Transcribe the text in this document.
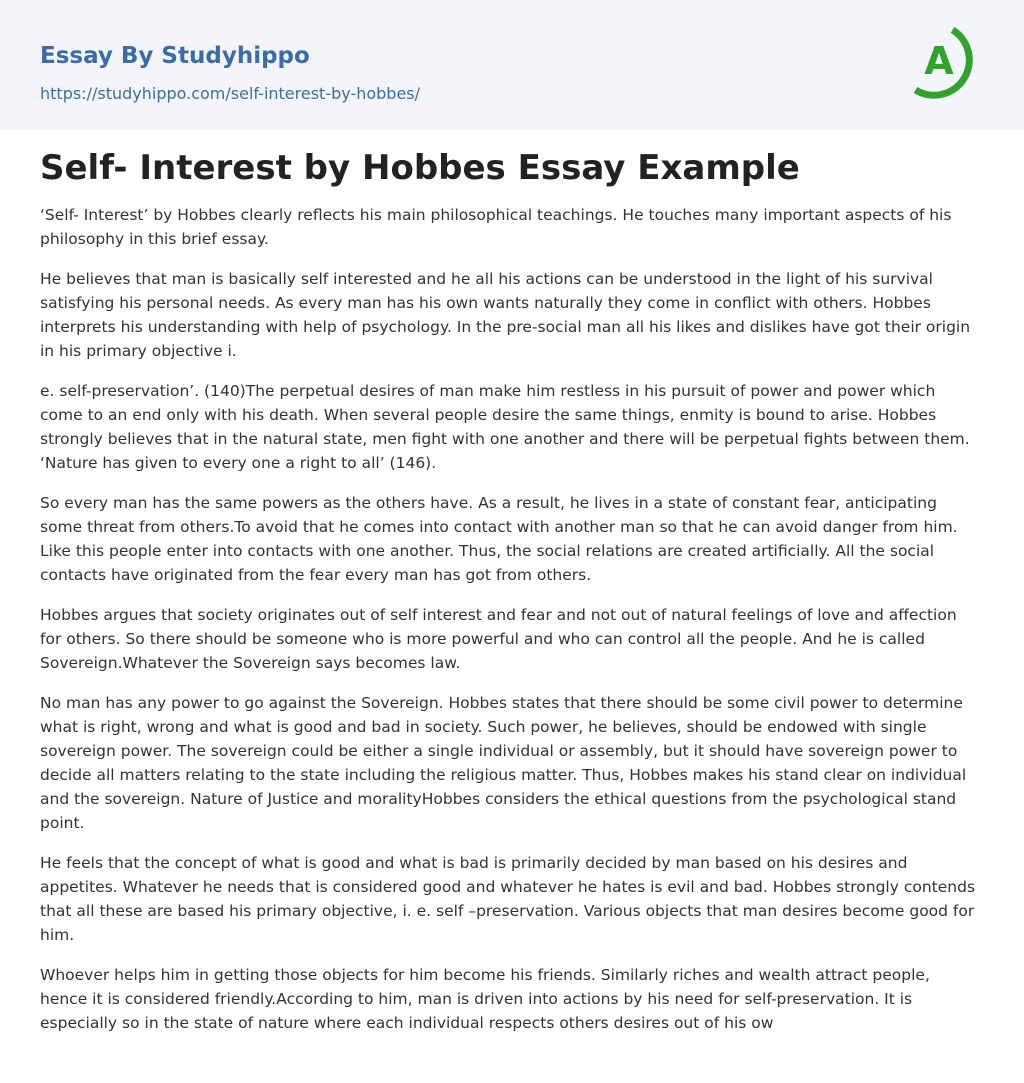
Essay By Studyhippo
https://studyhippo.com/self-interest-by-hobbes/
A
Self- Interest by Hobbes Essay Example

‘Self- Interest’ by Hobbes clearly reflects his main philosophical teachings. He touches many important aspects of his philosophy in this brief essay.

He believes that man is basically self interested and he all his actions can be understood in the light of his survival satisfying his personal needs. As every man has his own wants naturally they come in conflict with others. Hobbes interprets his understanding with help of psychology. In the pre-social man all his likes and dislikes have got their origin in his primary objective i.

e. self-preservation’. (140)The perpetual desires of man make him restless in his pursuit of power and power which come to an end only with his death. When several people desire the same things, enmity is bound to arise. Hobbes strongly believes that in the natural state, men fight with one another and there will be perpetual fights between them. ‘Nature has given to every one a right to all’ (146).

So every man has the same powers as the others have. As a result, he lives in a state of constant fear, anticipating some threat from others.To avoid that he comes into contact with another man so that he can avoid danger from him. Like this people enter into contacts with one another. Thus, the social relations are created artificially. All the social contacts have originated from the fear every man has got from others.

Hobbes argues that society originates out of self interest and fear and not out of natural feelings of love and affection for others. So there should be someone who is more powerful and who can control all the people. And he is called Sovereign.Whatever the Sovereign says becomes law.

No man has any power to go against the Sovereign. Hobbes states that there should be some civil power to determine what is right, wrong and what is good and bad in society. Such power, he believes, should be endowed with single sovereign power. The sovereign could be either a single individual or assembly, but it should have sovereign power to decide all matters relating to the state including the religious matter. Thus, Hobbes makes his stand clear on individual and the sovereign. Nature of Justice and moralityHobbes considers the ethical questions from the psychological stand point.

He feels that the concept of what is good and what is bad is primarily decided by man based on his desires and appetites. Whatever he needs that is considered good and whatever he hates is evil and bad. Hobbes strongly contends that all these are based his primary objective, i. e. self –preservation. Various objects that man desires become good for him.

Whoever helps him in getting those objects for him become his friends. Similarly riches and wealth attract people, hence it is considered friendly.According to him, man is driven into actions by his need for self-preservation. It is especially so in the state of nature where each individual respects others desires out of his ow
